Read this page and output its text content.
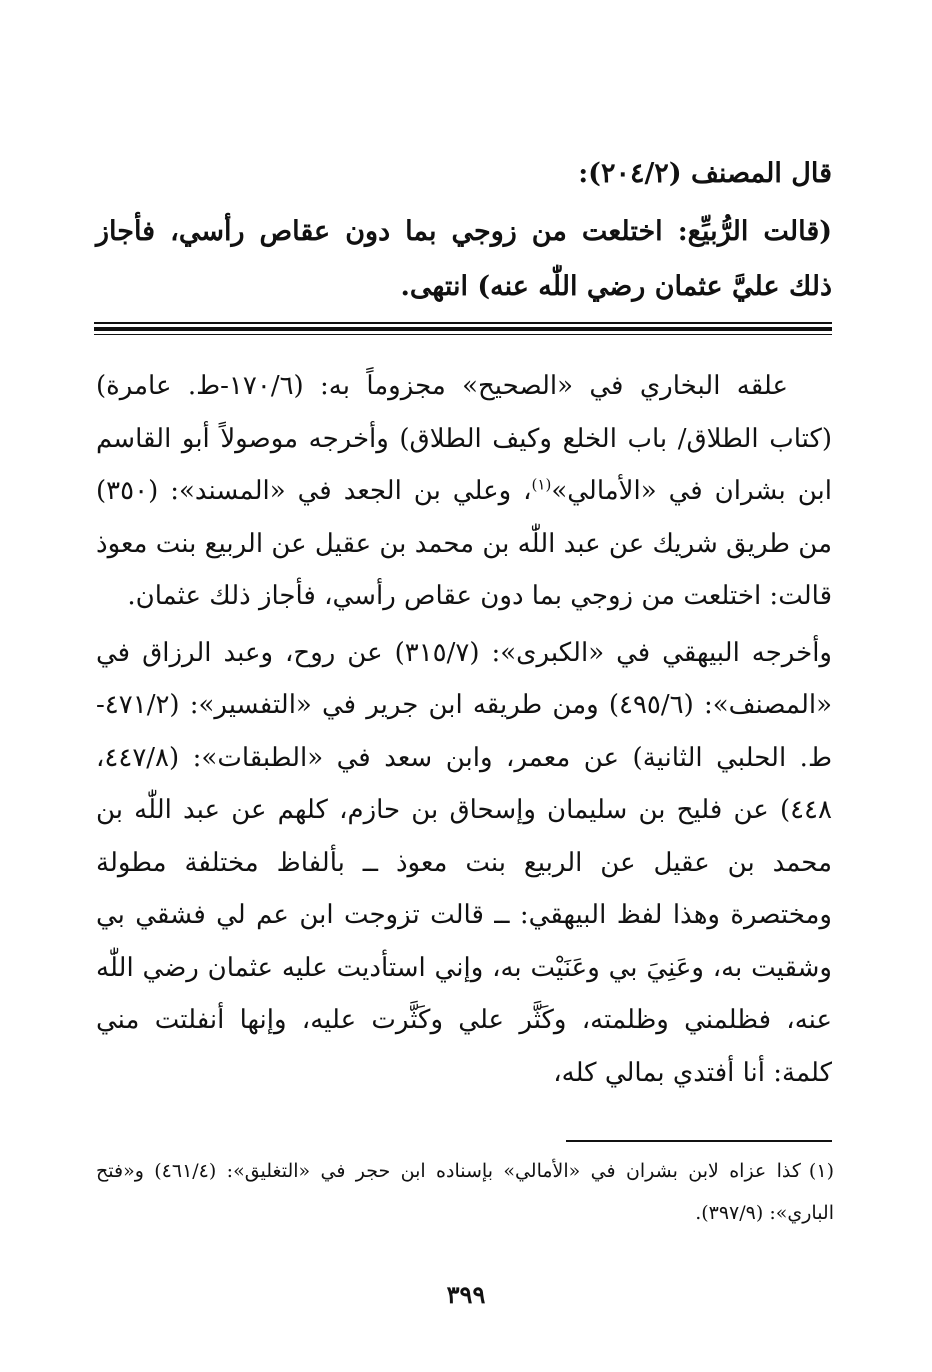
قال المصنف (٢٠٤/٢):
(قالت الرُّبيِّع: اختلعت من زوجي بما دون عقاص رأسي، فأجاز ذلك عليَّ عثمان رضي اللّٰه عنه) انتهى.

علقه البخاري في «الصحيح» مجزوماً به: (١٧٠/٦-ط. عامرة) (كتاب الطلاق/ باب الخلع وكيف الطلاق) وأخرجه موصولاً أبو القاسم ابن بشران في «الأمالي»$^{(١)}$، وعلي بن الجعد في «المسند»: (٣٥٠) من طريق شريك عن عبد اللّٰه بن محمد بن عقيل عن الربيع بنت معوذ قالت: اختلعت من زوجي بما دون عقاص رأسي، فأجاز ذلك عثمان.

وأخرجه البيهقي في «الكبرى»: (٣١٥/٧) عن روح، وعبد الرزاق في «المصنف»: (٤٩٥/٦) ومن طريقه ابن جرير في «التفسير»: (٤٧١/٢-ط. الحلبي الثانية) عن معمر، وابن سعد في «الطبقات»: (٤٤٧/٨، ٤٤٨) عن فليح بن سليمان وإسحاق بن حازم، كلهم عن عبد اللّٰه بن محمد بن عقيل عن الربيع بنت معوذ ــ بألفاظ مختلفة مطولة ومختصرة وهذا لفظ البيهقي: ــ قالت تزوجت ابن عم لي فشقي بي وشقيت به، وعَنِيَ بي وعَنَيْت به، وإني استأديت عليه عثمان رضي اللّٰه عنه، فظلمني وظلمته، وكَثَّر علي وكَثَّرت عليه، وإنها أنفلتت مني كلمة: أنا أفتدي بمالي كله،

(١)كذا عزاه لابن بشران في «الأمالي» بإسناده ابن حجر في «التغليق»: (٤٦١/٤) و«فتح الباري»: (٣٩٧/٩).
٣٩٩
